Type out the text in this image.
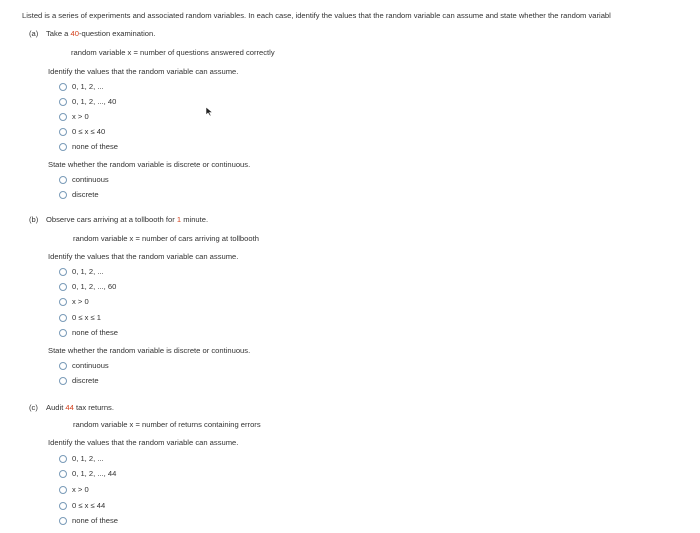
Listed is a series of experiments and associated random variables. In each case, identify the values that the random variable can assume and state whether the random variabl
(a) Take a 40-question examination.
random variable x = number of questions answered correctly
Identify the values that the random variable can assume.
0, 1, 2, ...
0, 1, 2, ..., 40
x > 0
0 ≤ x ≤ 40
none of these
State whether the random variable is discrete or continuous.
continuous
discrete
(b) Observe cars arriving at a tollbooth for 1 minute.
random variable x = number of cars arriving at tollbooth
Identify the values that the random variable can assume.
0, 1, 2, ...
0, 1, 2, ..., 60
x > 0
0 ≤ x ≤ 1
none of these
State whether the random variable is discrete or continuous.
continuous
discrete
(c) Audit 44 tax returns.
random variable x = number of returns containing errors
Identify the values that the random variable can assume.
0, 1, 2, ...
0, 1, 2, ..., 44
x > 0
0 ≤ x ≤ 44
none of these
